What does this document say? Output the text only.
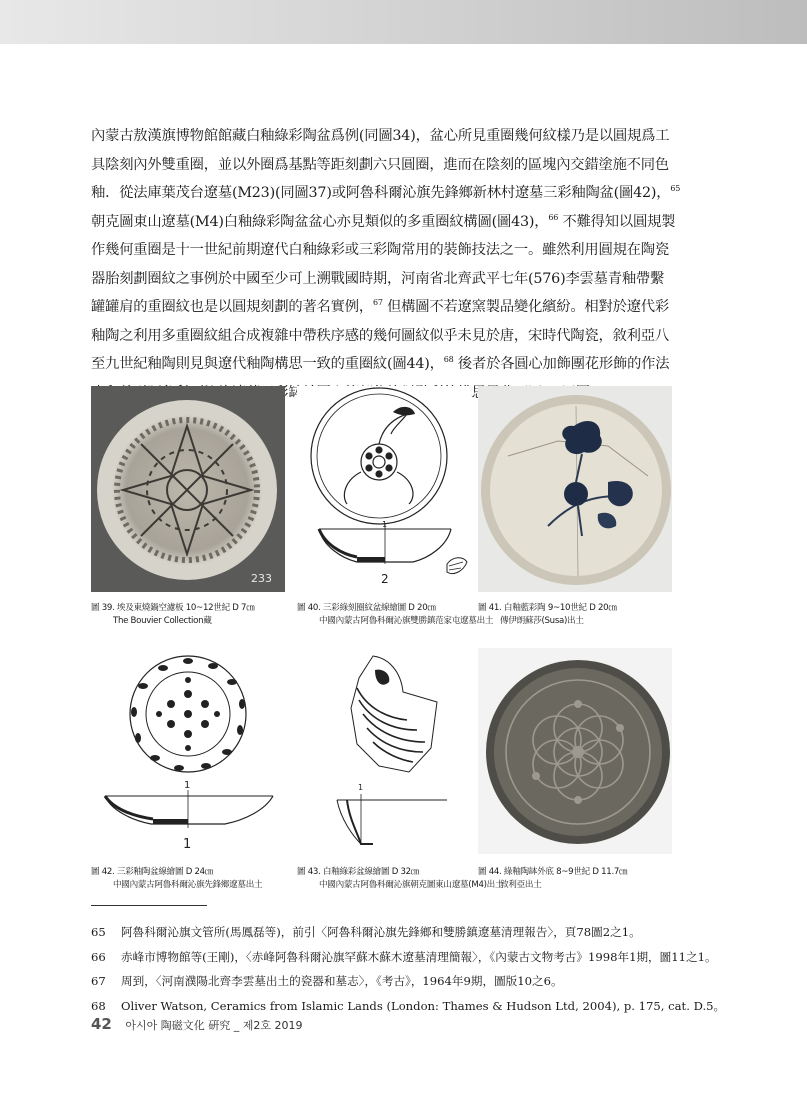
內蒙古敖漢旗博物館館藏白釉綠彩陶盆爲例(同圖34)，盆心所見重圈幾何紋樣乃是以圓規爲工

具陰刻內外雙重圈，並以外圈爲基點等距刻劃六只圓圈，進而在陰刻的區塊內交錯塗施不同色

釉．從法庫葉茂台遼墓(M23)(同圖37)或阿魯科爾沁旗先鋒鄉新林村遼墓三彩釉陶盆(圖42)，$^{65}$

朝克圖東山遼墓(M4)白釉綠彩陶盆盆心亦見類似的多重圈紋構圖(圖43)，$^{66}$ 不難得知以圓規製

作幾何重圈是十一世紀前期遼代白釉綠彩或三彩陶常用的裝飾技法之一。雖然利用圓規在陶瓷

器胎刻劃圈紋之事例於中國至少可上溯戰國時期，河南省北齊武平七年(576)李雲墓青釉帶繫

罐罐肩的重圈紋也是以圓規刻劃的著名實例，$^{67}$ 但構圖不若遼窯製品變化繽紛。相對於遼代彩

釉陶之利用多重圈紋組合成複雜中帶秩序感的幾何圖紋似乎未見於唐，宋時代陶瓷，敘利亞八

至九世紀釉陶則見與遼代釉陶構思一致的重圈紋(圖44)，$^{68}$ 後者於各圓心加飾團花形飾的作法

233
圖 39. 埃及東燒鍋空濾板 10~12世紀 D 7㎝
The Bouvier Collection藏
1
2
圖 40. 三彩綠刻圈紋盆線繪圖 D 20㎝
中國內蒙古阿魯科爾沁旗雙勝鎮范家屯遼墓出土
圖 41. 白釉藍彩陶 9~10世紀 D 20㎝
傳伊朗蘇莎(Susa)出土
1
1
圖 42. 三彩釉陶盆線繪圖 D 24㎝
中國內蒙古阿魯科爾沁旗先鋒鄉遼墓出土
1
圖 43. 白釉綠彩盆線繪圖 D 32㎝
中國內蒙古阿魯科爾沁旗朝克圖東山遼墓(M4)出土
圖 44. 綠釉陶缽外底 8~9世紀 D 11.7㎝
敘利亞出土
65 阿魯科爾沁旗文管所(馬鳳磊等)，前引〈阿魯科爾沁旗先鋒鄉和雙勝鎮遼墓清理報告〉，頁78圖2之1。
66 赤峰市博物館等(王剛)，〈赤峰阿魯科爾沁旗罕蘇木蘇木遼墓清理簡報〉，《內蒙古文物考古》1998年1期，圖11之1。
67 周到，〈河南濮陽北齊李雲墓出土的瓷器和墓志〉，《考古》，1964年9期，圖版10之6。
68 Oliver Watson, Ceramics from Islamic Lands (London: Thames & Hudson Ltd, 2004), p. 175, cat. D.5。
42 아시아 陶磁文化 硏究 _ 제2호 2019
